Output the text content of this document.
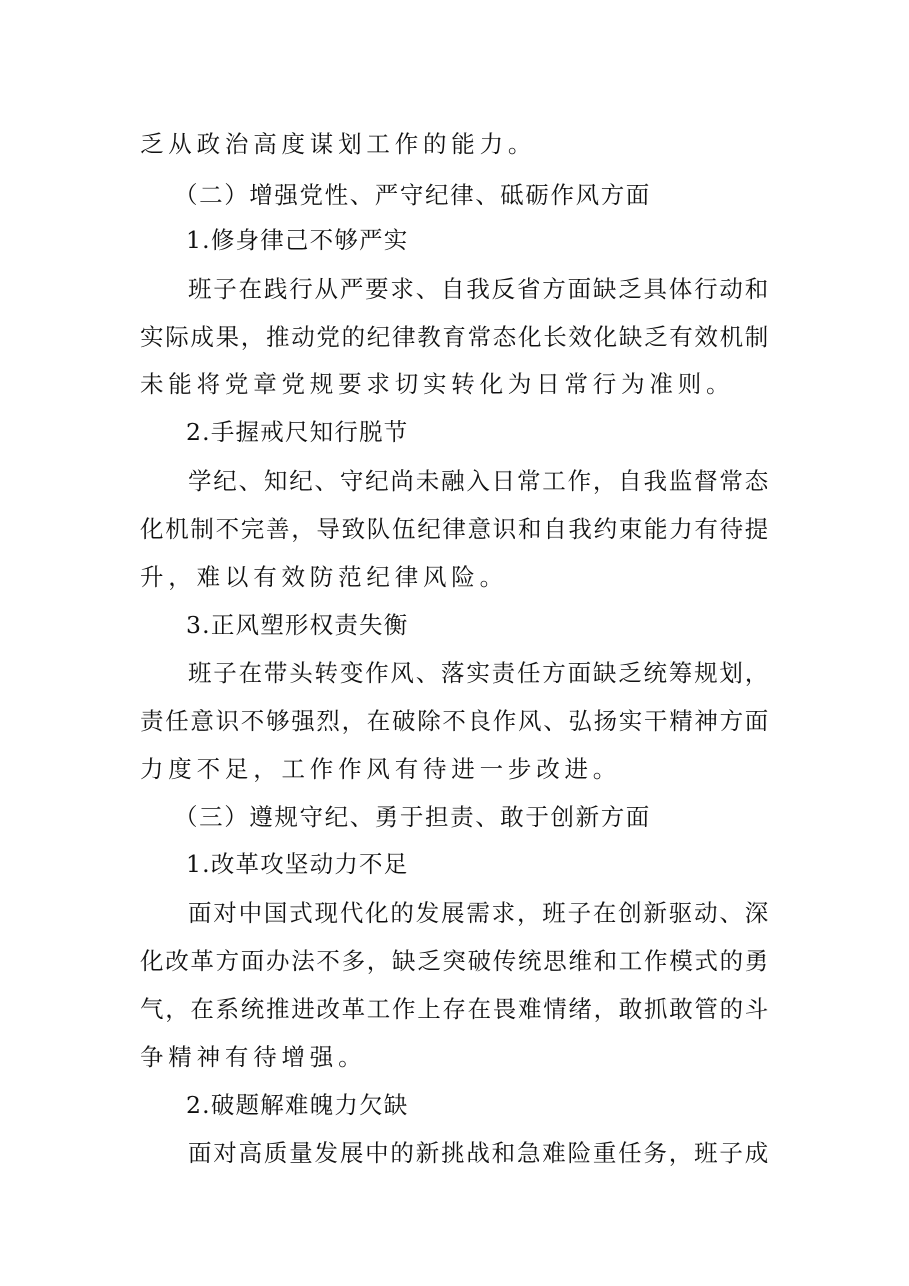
乏从政治高度谋划工作的能力。
（二）增强党性、严守纪律、砥砺作风方面
1.修身律己不够严实
班子在践行从严要求、自我反省方面缺乏具体行动和
实际成果，推动党的纪律教育常态化长效化缺乏有效机制
未能将党章党规要求切实转化为日常行为准则。
2.手握戒尺知行脱节
学纪、知纪、守纪尚未融入日常工作，自我监督常态
化机制不完善，导致队伍纪律意识和自我约束能力有待提
升，难以有效防范纪律风险。
3.正风塑形权责失衡
班子在带头转变作风、落实责任方面缺乏统筹规划，
责任意识不够强烈，在破除不良作风、弘扬实干精神方面
力度不足，工作作风有待进一步改进。
（三）遵规守纪、勇于担责、敢于创新方面
1.改革攻坚动力不足
面对中国式现代化的发展需求，班子在创新驱动、深
化改革方面办法不多，缺乏突破传统思维和工作模式的勇
气，在系统推进改革工作上存在畏难情绪，敢抓敢管的斗
争精神有待增强。
2.破题解难魄力欠缺
面对高质量发展中的新挑战和急难险重任务，班子成
